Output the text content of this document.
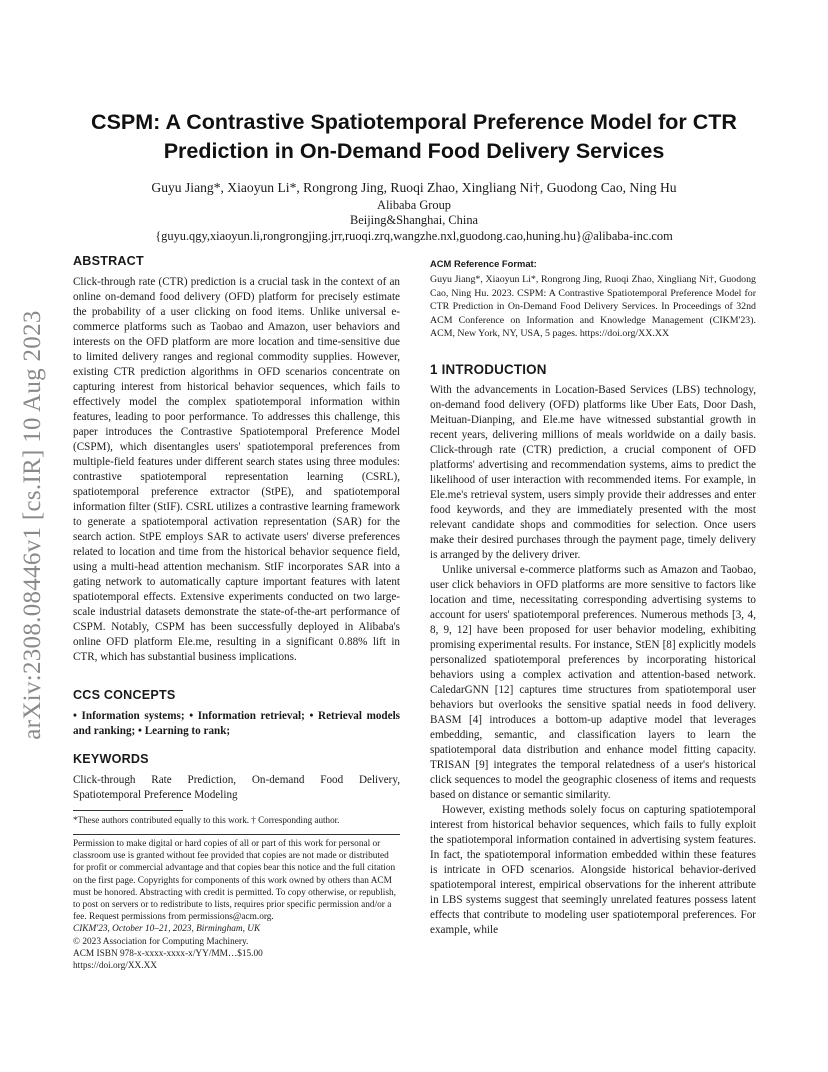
arXiv:2308.08446v1 [cs.IR] 10 Aug 2023
CSPM: A Contrastive Spatiotemporal Preference Model for CTR Prediction in On-Demand Food Delivery Services
Guyu Jiang*, Xiaoyun Li*, Rongrong Jing, Ruoqi Zhao, Xingliang Ni†, Guodong Cao, Ning Hu
Alibaba Group
Beijing&Shanghai, China
{guyu.qgy,xiaoyun.li,rongrongjing.jrr,ruoqi.zrq,wangzhe.nxl,guodong.cao,huning.hu}@alibaba-inc.com
ABSTRACT

Click-through rate (CTR) prediction is a crucial task in the context of an online on-demand food delivery (OFD) platform for precisely estimate the probability of a user clicking on food items. Unlike universal e-commerce platforms such as Taobao and Amazon, user behaviors and interests on the OFD platform are more location and time-sensitive due to limited delivery ranges and regional commodity supplies. However, existing CTR prediction algorithms in OFD scenarios concentrate on capturing interest from historical behavior sequences, which fails to effectively model the complex spatiotemporal information within features, leading to poor performance. To addresses this challenge, this paper introduces the Contrastive Spatiotemporal Preference Model (CSPM), which disentangles users' spatiotemporal preferences from multiple-field features under different search states using three modules: contrastive spatiotemporal representation learning (CSRL), spatiotemporal preference extractor (StPE), and spatiotemporal information filter (StIF). CSRL utilizes a contrastive learning framework to generate a spatiotemporal activation representation (SAR) for the search action. StPE employs SAR to activate users' diverse preferences related to location and time from the historical behavior sequence field, using a multi-head attention mechanism. StIF incorporates SAR into a gating network to automatically capture important features with latent spatiotemporal effects. Extensive experiments conducted on two large-scale industrial datasets demonstrate the state-of-the-art performance of CSPM. Notably, CSPM has been successfully deployed in Alibaba's online OFD platform Ele.me, resulting in a significant 0.88% lift in CTR, which has substantial business implications.

CCS CONCEPTS

• Information systems; • Information retrieval; • Retrieval models and ranking; • Learning to rank;

KEYWORDS

Click-through Rate Prediction, On-demand Food Delivery, Spatiotemporal Preference Modeling

*These authors contributed equally to this work. † Corresponding author.

Permission to make digital or hard copies of all or part of this work for personal or classroom use is granted without fee provided that copies are not made or distributed for profit or commercial advantage and that copies bear this notice and the full citation on the first page. Copyrights for components of this work owned by others than ACM must be honored. Abstracting with credit is permitted. To copy otherwise, or republish, to post on servers or to redistribute to lists, requires prior specific permission and/or a fee. Request permissions from permissions@acm.org.

CIKM'23, October 10–21, 2023, Birmingham, UK

© 2023 Association for Computing Machinery.

ACM ISBN 978-x-xxxx-xxxx-x/YY/MM…$15.00

https://doi.org/XX.XX

ACM Reference Format:

Guyu Jiang*, Xiaoyun Li*, Rongrong Jing, Ruoqi Zhao, Xingliang Ni†, Guodong Cao, Ning Hu. 2023. CSPM: A Contrastive Spatiotemporal Preference Model for CTR Prediction in On-Demand Food Delivery Services. In Proceedings of 32nd ACM Conference on Information and Knowledge Management (CIKM'23). ACM, New York, NY, USA, 5 pages. https://doi.org/XX.XX

1 INTRODUCTION

With the advancements in Location-Based Services (LBS) technology, on-demand food delivery (OFD) platforms like Uber Eats, Door Dash, Meituan-Dianping, and Ele.me have witnessed substantial growth in recent years, delivering millions of meals worldwide on a daily basis. Click-through rate (CTR) prediction, a crucial component of OFD platforms' advertising and recommendation systems, aims to predict the likelihood of user interaction with recommended items. For example, in Ele.me's retrieval system, users simply provide their addresses and enter food keywords, and they are immediately presented with the most relevant candidate shops and commodities for selection. Once users make their desired purchases through the payment page, timely delivery is arranged by the delivery driver.

Unlike universal e-commerce platforms such as Amazon and Taobao, user click behaviors in OFD platforms are more sensitive to factors like location and time, necessitating corresponding advertising systems to account for users' spatiotemporal preferences. Numerous methods [3, 4, 8, 9, 12] have been proposed for user behavior modeling, exhibiting promising experimental results. For instance, StEN [8] explicitly models personalized spatiotemporal preferences by incorporating historical behaviors using a complex activation and attention-based network. CaledarGNN [12] captures time structures from spatiotemporal user behaviors but overlooks the sensitive spatial needs in food delivery. BASM [4] introduces a bottom-up adaptive model that leverages embedding, semantic, and classification layers to learn the spatiotemporal data distribution and enhance model fitting capacity. TRISAN [9] integrates the temporal relatedness of a user's historical click sequences to model the geographic closeness of items and requests based on distance or semantic similarity.

However, existing methods solely focus on capturing spatiotemporal interest from historical behavior sequences, which fails to fully exploit the spatiotemporal information contained in advertising system features. In fact, the spatiotemporal information embedded within these features is intricate in OFD scenarios. Alongside historical behavior-derived spatiotemporal interest, empirical observations for the inherent attribute in LBS systems suggest that seemingly unrelated features possess latent effects that contribute to modeling user spatiotemporal preferences. For example, while
